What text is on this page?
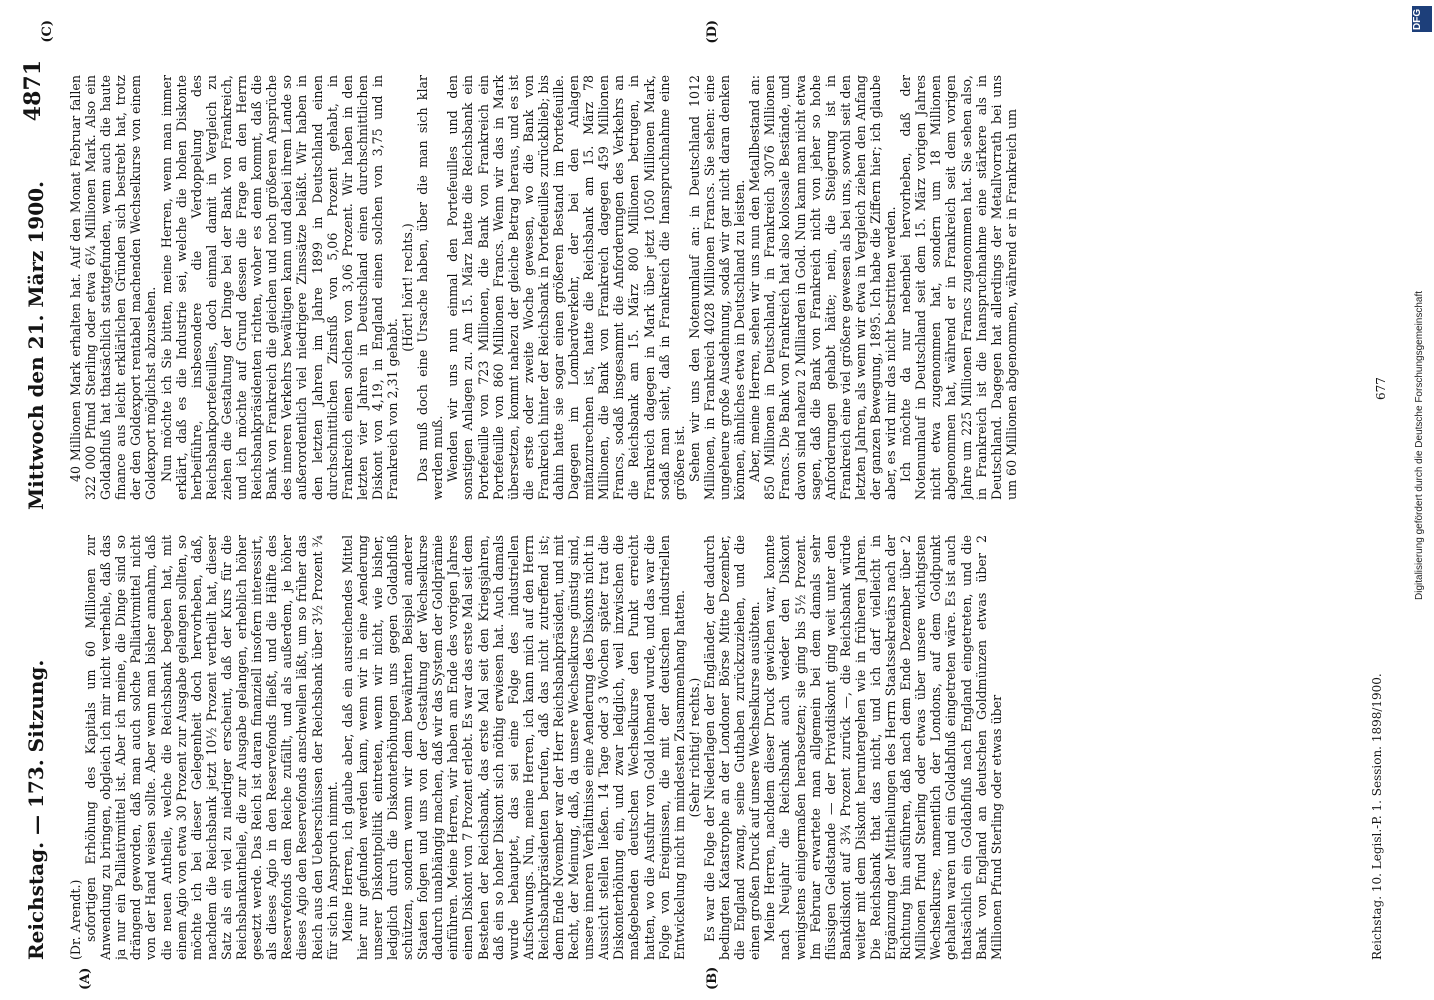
Reichstag. — 173. Sitzung.
Mittwoch den 21. März 1900.
4871
(A)	(B)
(C)	(D)

(Dr. Arendt.) sofortigen Erhöhung des Kapitals um 60 Millionen zur Anwendung zu bringen, obgleich ich mir nicht verhehle, daß das ja nur ein Palliativmittel ist. Aber ich meine, die Dinge sind so drängend geworden, daß man auch solche Palliativmittel nicht von der Hand weisen sollte. Aber wenn man bisher annahm, daß die neuen Antheile, welche die Reichsbank begeben hat, mit einem Agio von etwa 30 Prozent zur Ausgabe gelangen sollten, so möchte ich bei dieser Gelegenheit doch hervorheben, daß, nachdem die Reichsbank jetzt 10½ Prozent vertheilt hat, dieser Satz als ein viel zu niedriger erscheint, daß der Kurs für die Reichsbankantheile, die zur Ausgabe gelangen, erheblich höher gesetzt werde. Das Reich ist daran finanziell insofern interessirt, als dieses Agio in den Reservefonds fließt, und die Hälfte des Reservefonds dem Reiche zufällt, und als außerdem, je höher dieses Agio den Reservefonds anschwellen läßt, um so früher das Reich aus den Ueberschüssen der Reichsbank über 3½ Prozent ¾ für sich in Anspruch nimmt. Meine Herren, ich glaube aber, daß ein ausreichendes Mittel hier nur gefunden werden kann, wenn wir in eine Aenderung unserer Diskontpolitik eintreten, wenn wir nicht, wie bisher, lediglich durch die Diskonterhöhungen uns gegen Goldabfluß schützen, sondern wenn wir dem bewährten Beispiel anderer Staaten folgen und uns von der Gestaltung der Wechselkurse dadurch unabhängig machen, daß wir das System der Goldprämie einführen. Meine Herren, wir haben am Ende des vorigen Jahres einen Diskont von 7 Prozent erlebt. Es war das erste Mal seit dem Bestehen der Reichsbank, das erste Mal seit den Kriegsjahren, daß ein so hoher Diskont sich nöthig erwiesen hat. Auch damals wurde behauptet, das sei eine Folge des industriellen Aufschwungs. Nun, meine Herren, ich kann mich auf den Herrn Reichsbankpräsidenten berufen, daß das nicht zutreffend ist; denn Ende November war der Herr Reichsbankpräsident, und mit Recht, der Meinung, daß, da unsere Wechselkurse günstig sind, unsere inneren Verhältnisse eine Aenderung des Diskonts nicht in Aussicht stellen ließen. 14 Tage oder 3 Wochen später trat die Diskonterhöhung ein, und zwar lediglich, weil inzwischen die maßgebenden deutschen Wechselkurse den Punkt erreicht hatten, wo die Ausfuhr von Gold lohnend wurde, und das war die Folge von Ereignissen, die mit der deutschen industriellen Entwickelung nicht im mindesten Zusammenhang hatten. (Sehr richtig! rechts.) Es war die Folge der Niederlagen der Engländer, der dadurch bedingten Katastrophe an der Londoner Börse Mitte Dezember, die England zwang, seine Guthaben zurückzuziehen, und die einen großen Druck auf unsere Wechselkurse ausübten. Meine Herren, nachdem dieser Druck gewichen war, konnte nach Neujahr die Reichsbank auch wieder den Diskont wenigstens einigermaßen herabsetzen; sie ging bis 5½ Prozent. Im Februar erwartete man allgemein bei dem damals sehr flüssigen Geldstande — der Privatdiskont ging weit unter den Bankdiskont auf 3¾ Prozent zurück —, die Reichsbank würde weiter mit dem Diskont heruntergehen wie in früheren Jahren. Die Reichsbank that das nicht, und ich darf vielleicht in Ergänzung der Mittheilungen des Herrn Staatssekretärs nach der Richtung hin ausführen, daß nach dem Ende Dezember über 2 Millionen Pfund Sterling oder etwas über unsere wichtigsten Wechselkurse, namentlich der Londons, auf dem Goldpunkt gehalten waren und ein Goldabfluß eingetreten wäre. Es ist auch thatsächlich ein Goldabfluß nach England eingetreten, und die Bank von England an deutschen Goldmünzen etwas über 2 Millionen Pfund Sterling oder etwas über

40 Millionen Mark erhalten hat. Auf den Monat Februar fallen 322 000 Pfund Sterling oder etwa 6¼ Millionen Mark. Also ein Goldabfluß hat thatsächlich stattgefunden, wenn auch die haute finance aus leicht erklärlichen Gründen sich bestrebt hat, trotz der den Goldexport rentabel machenden Wechselkurse von einem Goldexport möglichst abzusehen. Nun möchte ich Sie bitten, meine Herren, wenn man immer erklärt, daß es die Industrie sei, welche die hohen Diskonte herbeiführe, insbesondere die Verdoppelung des Reichsbankportefeuilles, doch einmal damit in Vergleich zu ziehen die Gestaltung der Dinge bei der Bank von Frankreich, und ich möchte auf Grund dessen die Frage an den Herrn Reichsbankpräsidenten richten, woher es denn kommt, daß die Bank von Frankreich die gleichen und noch größeren Ansprüche des inneren Verkehrs bewältigen kann und dabei ihrem Lande so außerordentlich viel niedrigere Zinssätze beläßt. Wir haben in den letzten Jahren im Jahre 1899 in Deutschland einen durchschnittlichen Zinsfuß von 5,06 Prozent gehabt, in Frankreich einen solchen von 3,06 Prozent. Wir haben in den letzten vier Jahren in Deutschland einen durchschnittlichen Diskont von 4,19, in England einen solchen von 3,75 und in Frankreich von 2,31 gehabt.

(Hört! hört! rechts.) Das muß doch eine Ursache haben, über die man sich klar werden muß. Wenden wir uns nun einmal den Portefeuilles und den sonstigen Anlagen zu. Am 15. März hatte die Reichsbank ein Portefeuille von 723 Millionen, die Bank von Frankreich ein Portefeuille von 860 Millionen Francs. Wenn wir das in Mark übersetzen, kommt nahezu der gleiche Betrag heraus, und es ist die erste oder zweite Woche gewesen, wo die Bank von Frankreich hinter der Reichsbank in Portefeuilles zurückblieb; bis dahin hatte sie sogar einen größeren Bestand im Portefeuille. Dagegen im Lombardverkehr, der bei den Anlagen mitanzurechnen ist, hatte die Reichsbank am 15. März 78 Millionen, die Bank von Frankreich dagegen 459 Millionen Francs, sodaß insgesammt die Anforderungen des Verkehrs an die Reichsbank am 15. März 800 Millionen betrugen, in Frankreich dagegen in Mark über jetzt 1050 Millionen Mark, sodaß man sieht, daß in Frankreich die Inanspruchnahme eine größere ist. Sehen wir uns den Notenumlauf an: in Deutschland 1012 Millionen, in Frankreich 4028 Millionen Francs. Sie sehen: eine ungeheure große Ausdehnung, sodaß wir gar nicht daran denken können, ähnliches etwa in Deutschland zu leisten. Aber, meine Herren, sehen wir uns nun den Metallbestand an: 850 Millionen in Deutschland, in Frankreich 3076 Millionen Francs. Die Bank von Frankreich hat also kolossale Bestände, und davon sind nahezu 2 Milliarden in Gold. Nun kann man nicht etwa sagen, daß die Bank von Frankreich nicht von jeher so hohe Anforderungen gehabt hätte; nein, die Steigerung ist in Frankreich eine viel größere gewesen als bei uns, sowohl seit den letzten Jahren, als wenn wir etwa in Vergleich ziehen den Anfang der ganzen Bewegung, 1895. Ich habe die Ziffern hier; ich glaube aber, es wird mir das nicht bestritten werden. Ich möchte da nur nebenbei hervorheben, daß der Notenumlauf in Deutschland seit dem 15. März vorigen Jahres nicht etwa zugenommen hat, sondern um 18 Millionen abgenommen hat, während er in Frankreich seit dem vorigen Jahre um 225 Millionen Francs zugenommen hat. Sie sehen also, in Frankreich ist die Inanspruchnahme eine stärkere als in Deutschland. Dagegen hat allerdings der Metallvorrath bei uns um 60 Millionen abgenommen, während er in Frankreich um

Reichstag. 10. Legisl.-P. 1. Session. 1898/1900.
677
DFG
Digitalisierung gefördert durch die Deutsche Forschungsgemeinschaft
